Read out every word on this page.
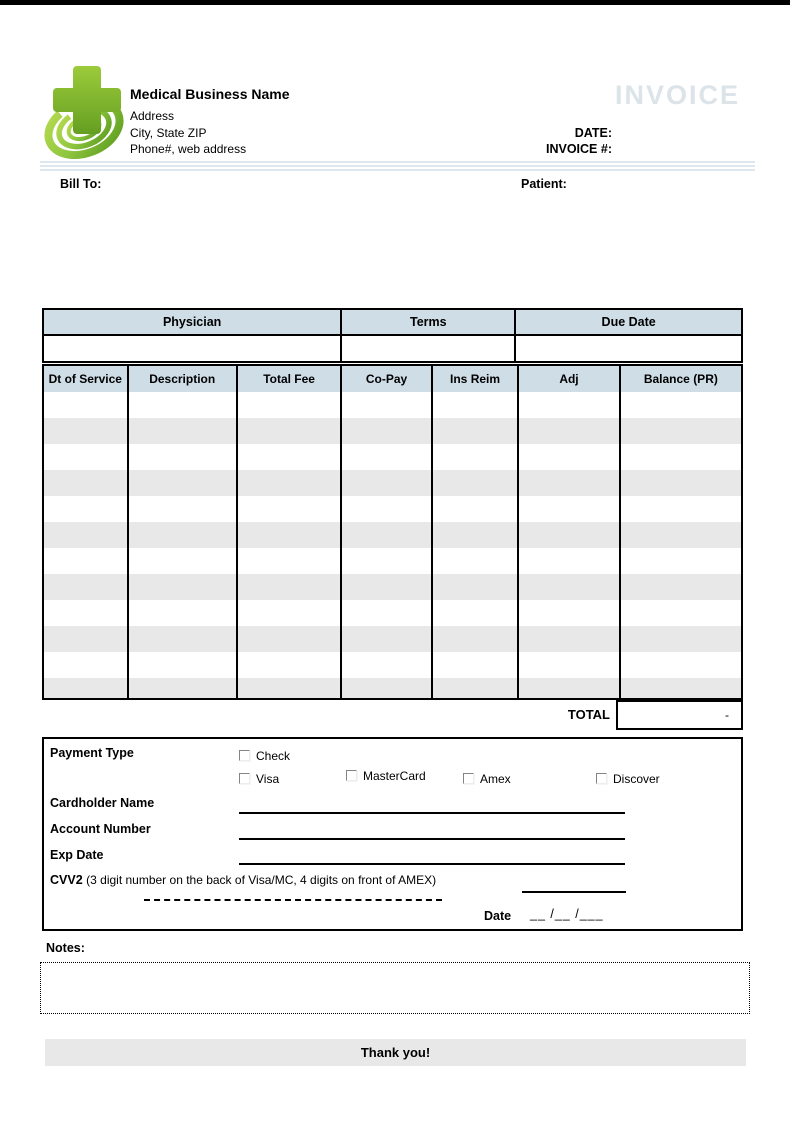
Medical Business Name
Address
City, State ZIP
Phone#, web address
INVOICE
DATE:
INVOICE #:
Bill To:	Patient:
Physician	Terms	Due Date
Dt of Service	Description	Total Fee	Co-Pay	Ins Reim	Adj	Balance (PR)
TOTAL	-
Payment Type	Check
Visa	MasterCard	Amex	Discover
Cardholder Name
Account Number
Exp Date
CVV2 (3 digit number on the back of Visa/MC, 4 digits on front of AMEX)
Date __ /__ /___
Notes:
Thank you!
